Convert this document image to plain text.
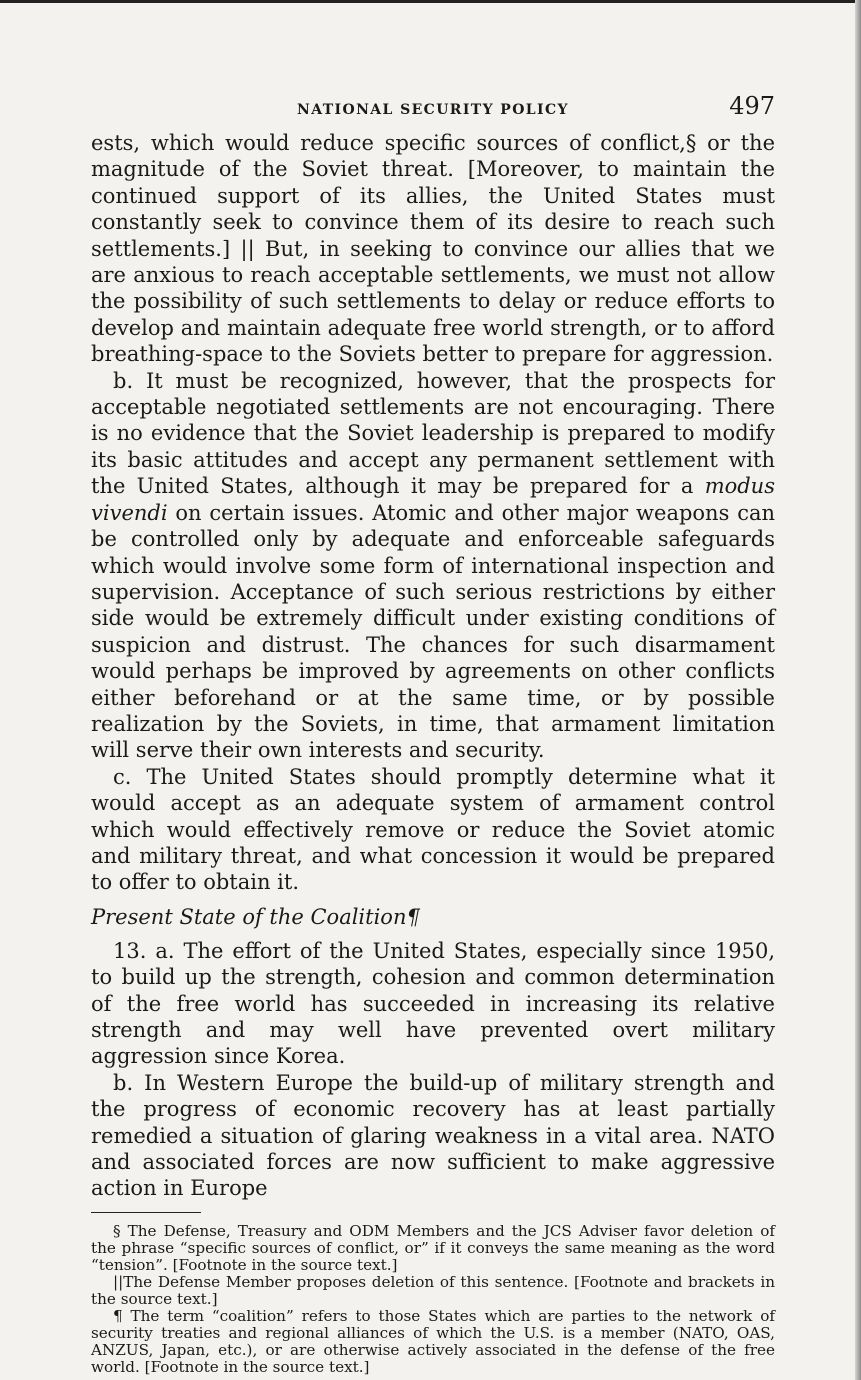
NATIONAL SECURITY POLICY	497

ests, which would reduce specific sources of conflict,§ or the magnitude of the Soviet threat. [Moreover, to maintain the continued support of its allies, the United States must constantly seek to convince them of its desire to reach such settlements.] || But, in seeking to convince our allies that we are anxious to reach acceptable settlements, we must not allow the possibility of such settlements to delay or reduce efforts to develop and maintain adequate free world strength, or to afford breathing-space to the Soviets better to prepare for aggression.

b. It must be recognized, however, that the prospects for acceptable negotiated settlements are not encouraging. There is no evidence that the Soviet leadership is prepared to modify its basic attitudes and accept any permanent settlement with the United States, although it may be prepared for a modus vivendi on certain issues. Atomic and other major weapons can be controlled only by adequate and enforceable safeguards which would involve some form of international inspection and supervision. Acceptance of such serious restrictions by either side would be extremely difficult under existing conditions of suspicion and distrust. The chances for such disarmament would perhaps be improved by agreements on other conflicts either beforehand or at the same time, or by possible realization by the Soviets, in time, that armament limitation will serve their own interests and security.

c. The United States should promptly determine what it would accept as an adequate system of armament control which would effectively remove or reduce the Soviet atomic and military threat, and what concession it would be prepared to offer to obtain it.

Present State of the Coalition¶

13. a. The effort of the United States, especially since 1950, to build up the strength, cohesion and common determination of the free world has succeeded in increasing its relative strength and may well have prevented overt military aggression since Korea.

b. In Western Europe the build-up of military strength and the progress of economic recovery has at least partially remedied a situation of glaring weakness in a vital area. NATO and associated forces are now sufficient to make aggressive action in Europe

§ The Defense, Treasury and ODM Members and the JCS Adviser favor deletion of the phrase “specific sources of conflict, or” if it conveys the same meaning as the word “tension”. [Footnote in the source text.]

||The Defense Member proposes deletion of this sentence. [Footnote and brackets in the source text.]

¶ The term “coalition” refers to those States which are parties to the network of security treaties and regional alliances of which the U.S. is a member (NATO, OAS, ANZUS, Japan, etc.), or are otherwise actively associated in the defense of the free world. [Footnote in the source text.]
